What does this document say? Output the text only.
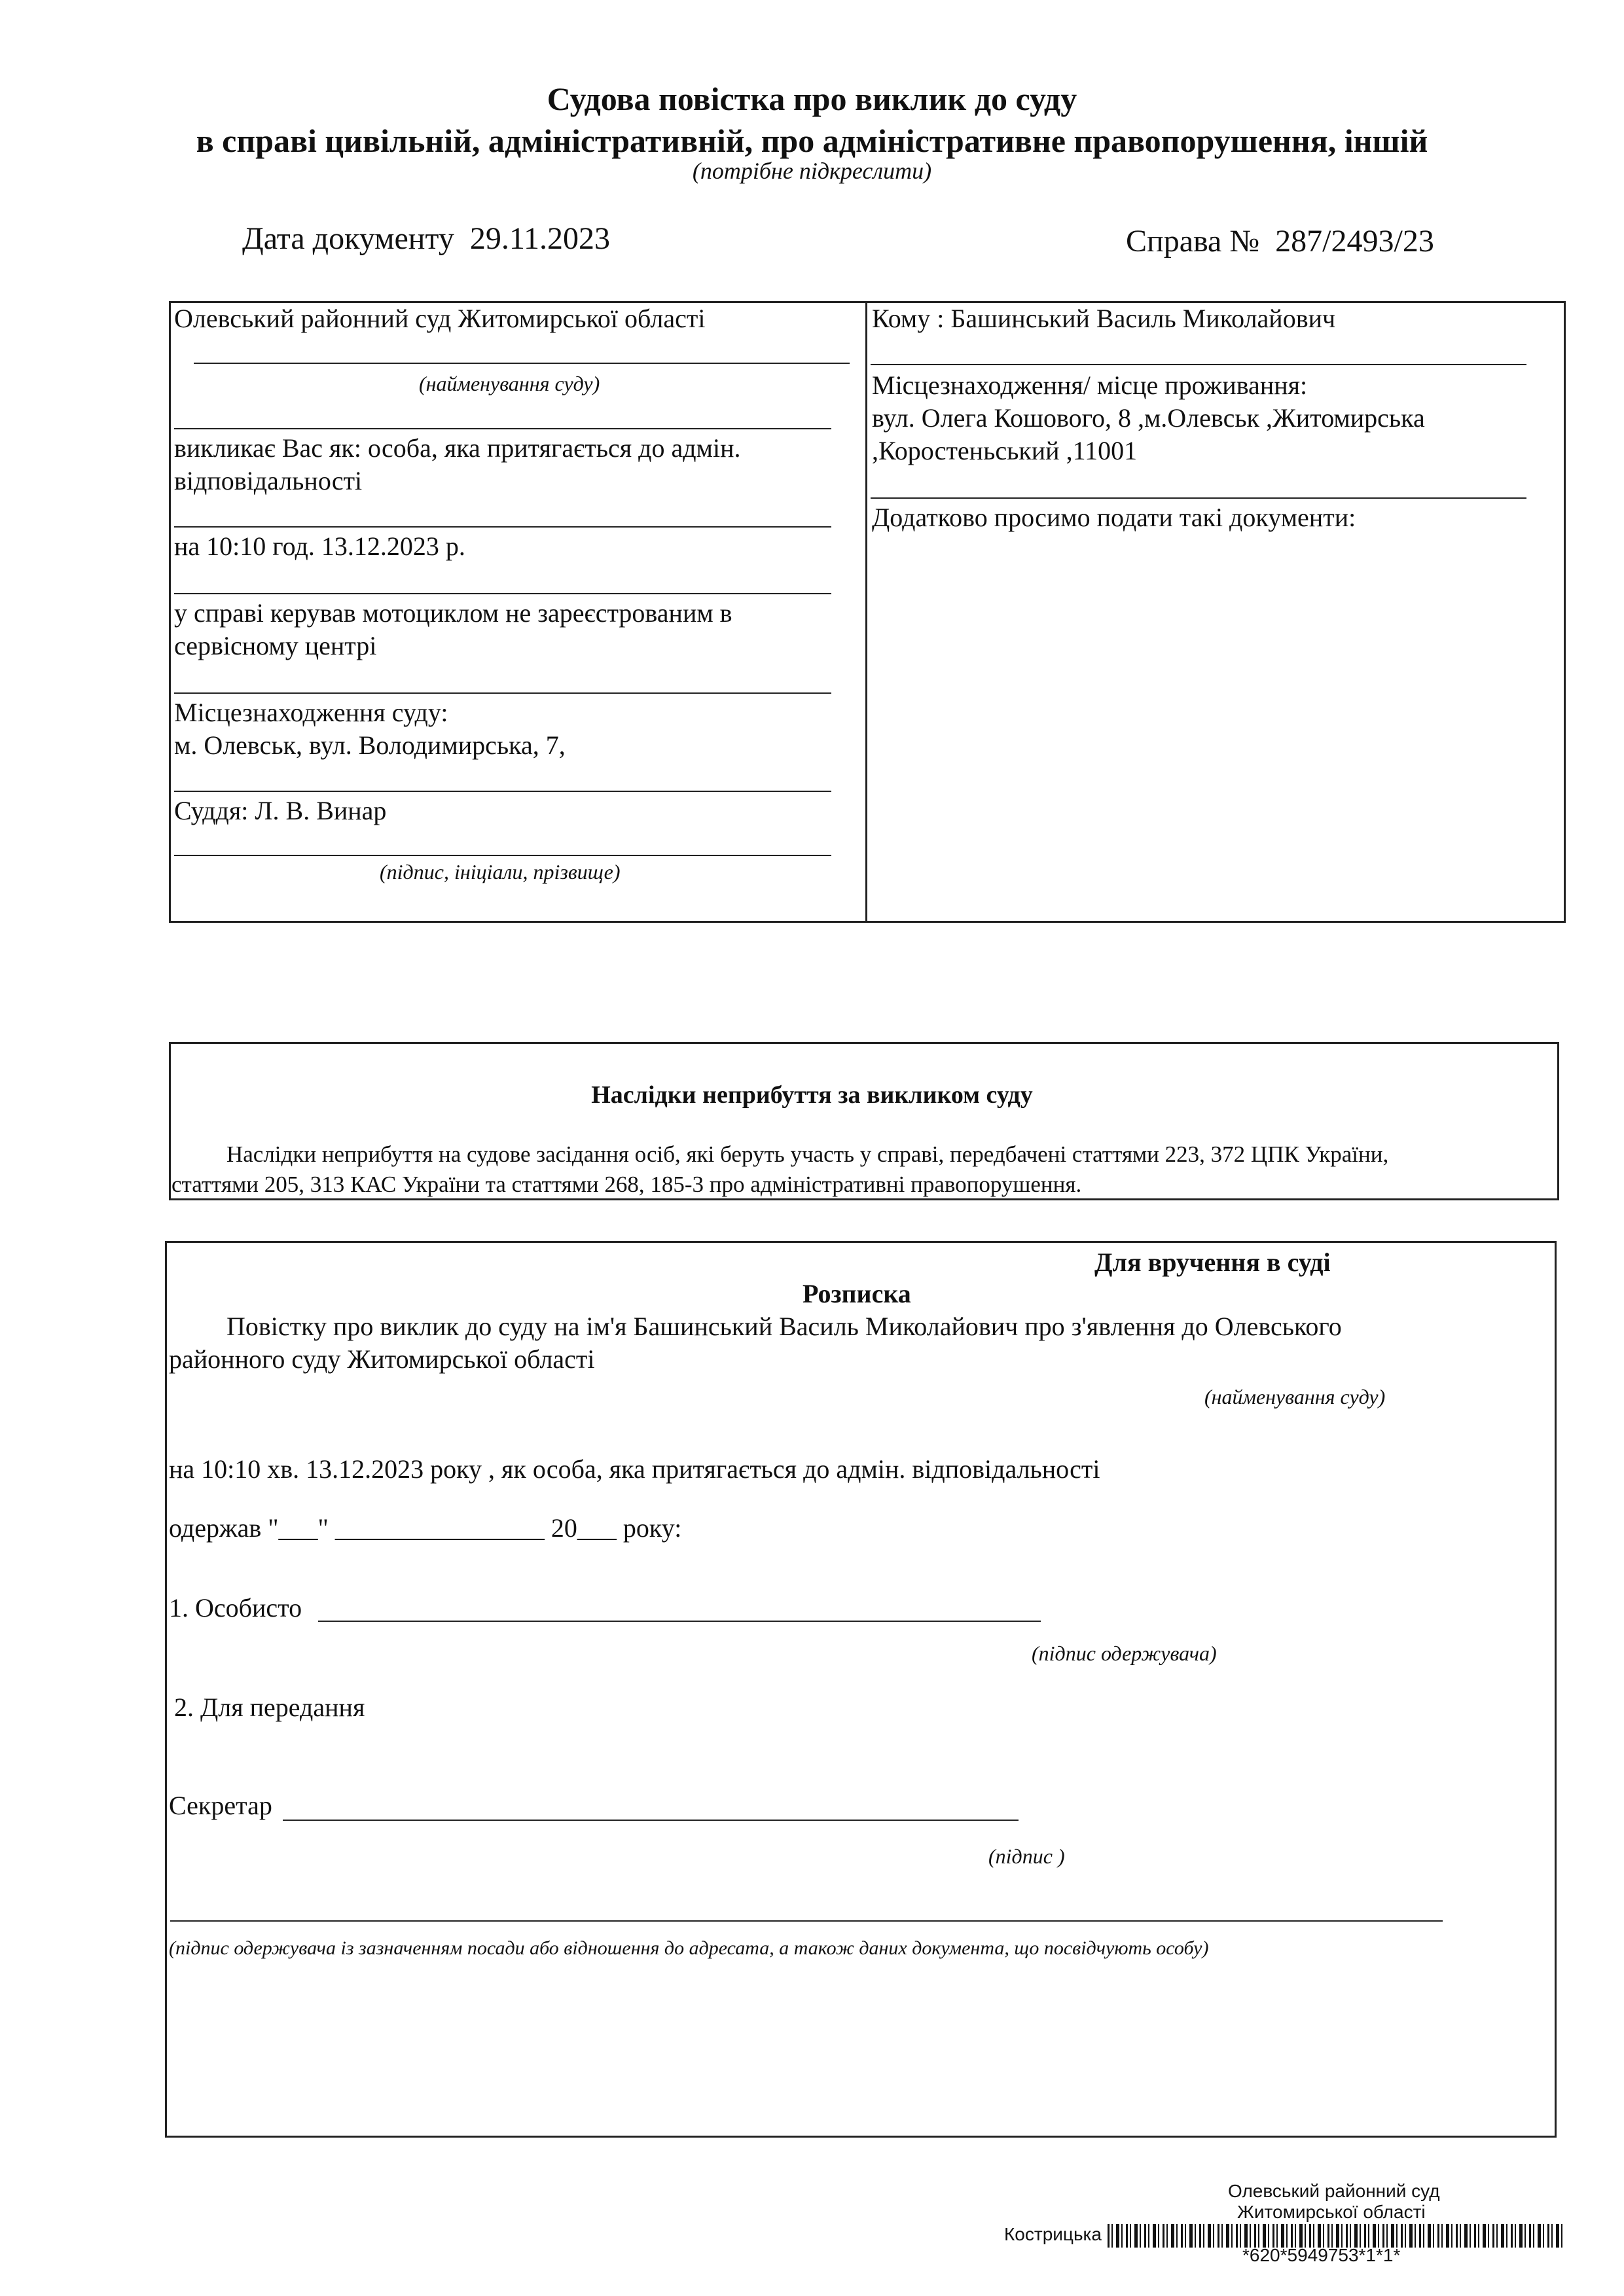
Судова повістка про виклик до суду
в справі цивільній, адміністративній, про адміністративне правопорушення, іншій
(потрібне підкреслити)
Дата документу 29.11.2023	Справа № 287/2493/23
Олевський районний суд Житомирської області
(найменування суду)
викликає Вас як: особа, яка притягається до адмін.
відповідальності
на 10:10 год. 13.12.2023 р.
у справі керував мотоциклом не зареєстрованим в
сервісному центрі
Місцезнаходження суду:
м. Олевськ, вул. Володимирська, 7,
Суддя: Л. В. Винар
(підпис, ініціали, прізвище)
Кому : Башинський Василь Миколайович
Місцезнаходження/ місце проживання:
вул. Олега Кошового, 8 ,м.Олевськ ,Житомирська
,Коростеньський ,11001
Додатково просимо подати такі документи:
Наслідки неприбуття за викликом суду
Наслідки неприбуття на судове засідання осіб, які беруть участь у справі, передбачені статтями 223, 372 ЦПК України,
статтями 205, 313 КАС України та статтями 268, 185-3 про адміністративні правопорушення.
Для вручення в суді
Розписка
Повістку про виклик до суду на ім'я Башинський Василь Миколайович про з'явлення до Олевського
районного суду Житомирської області
(найменування суду)
на 10:10 хв. 13.12.2023 року , як особа, яка притягається до адмін. відповідальності
одержав "___" ________________ 20___ року:
1. Особисто
(підпис одержувача)
2. Для передання
Секретар
(підпис )
(підпис одержувача із зазначенням посади або відношення до адресата, а також даних документа, що посвідчують особу)
Олевський районний суд
Житомирської області
Кострицька
*620*5949753*1*1*
